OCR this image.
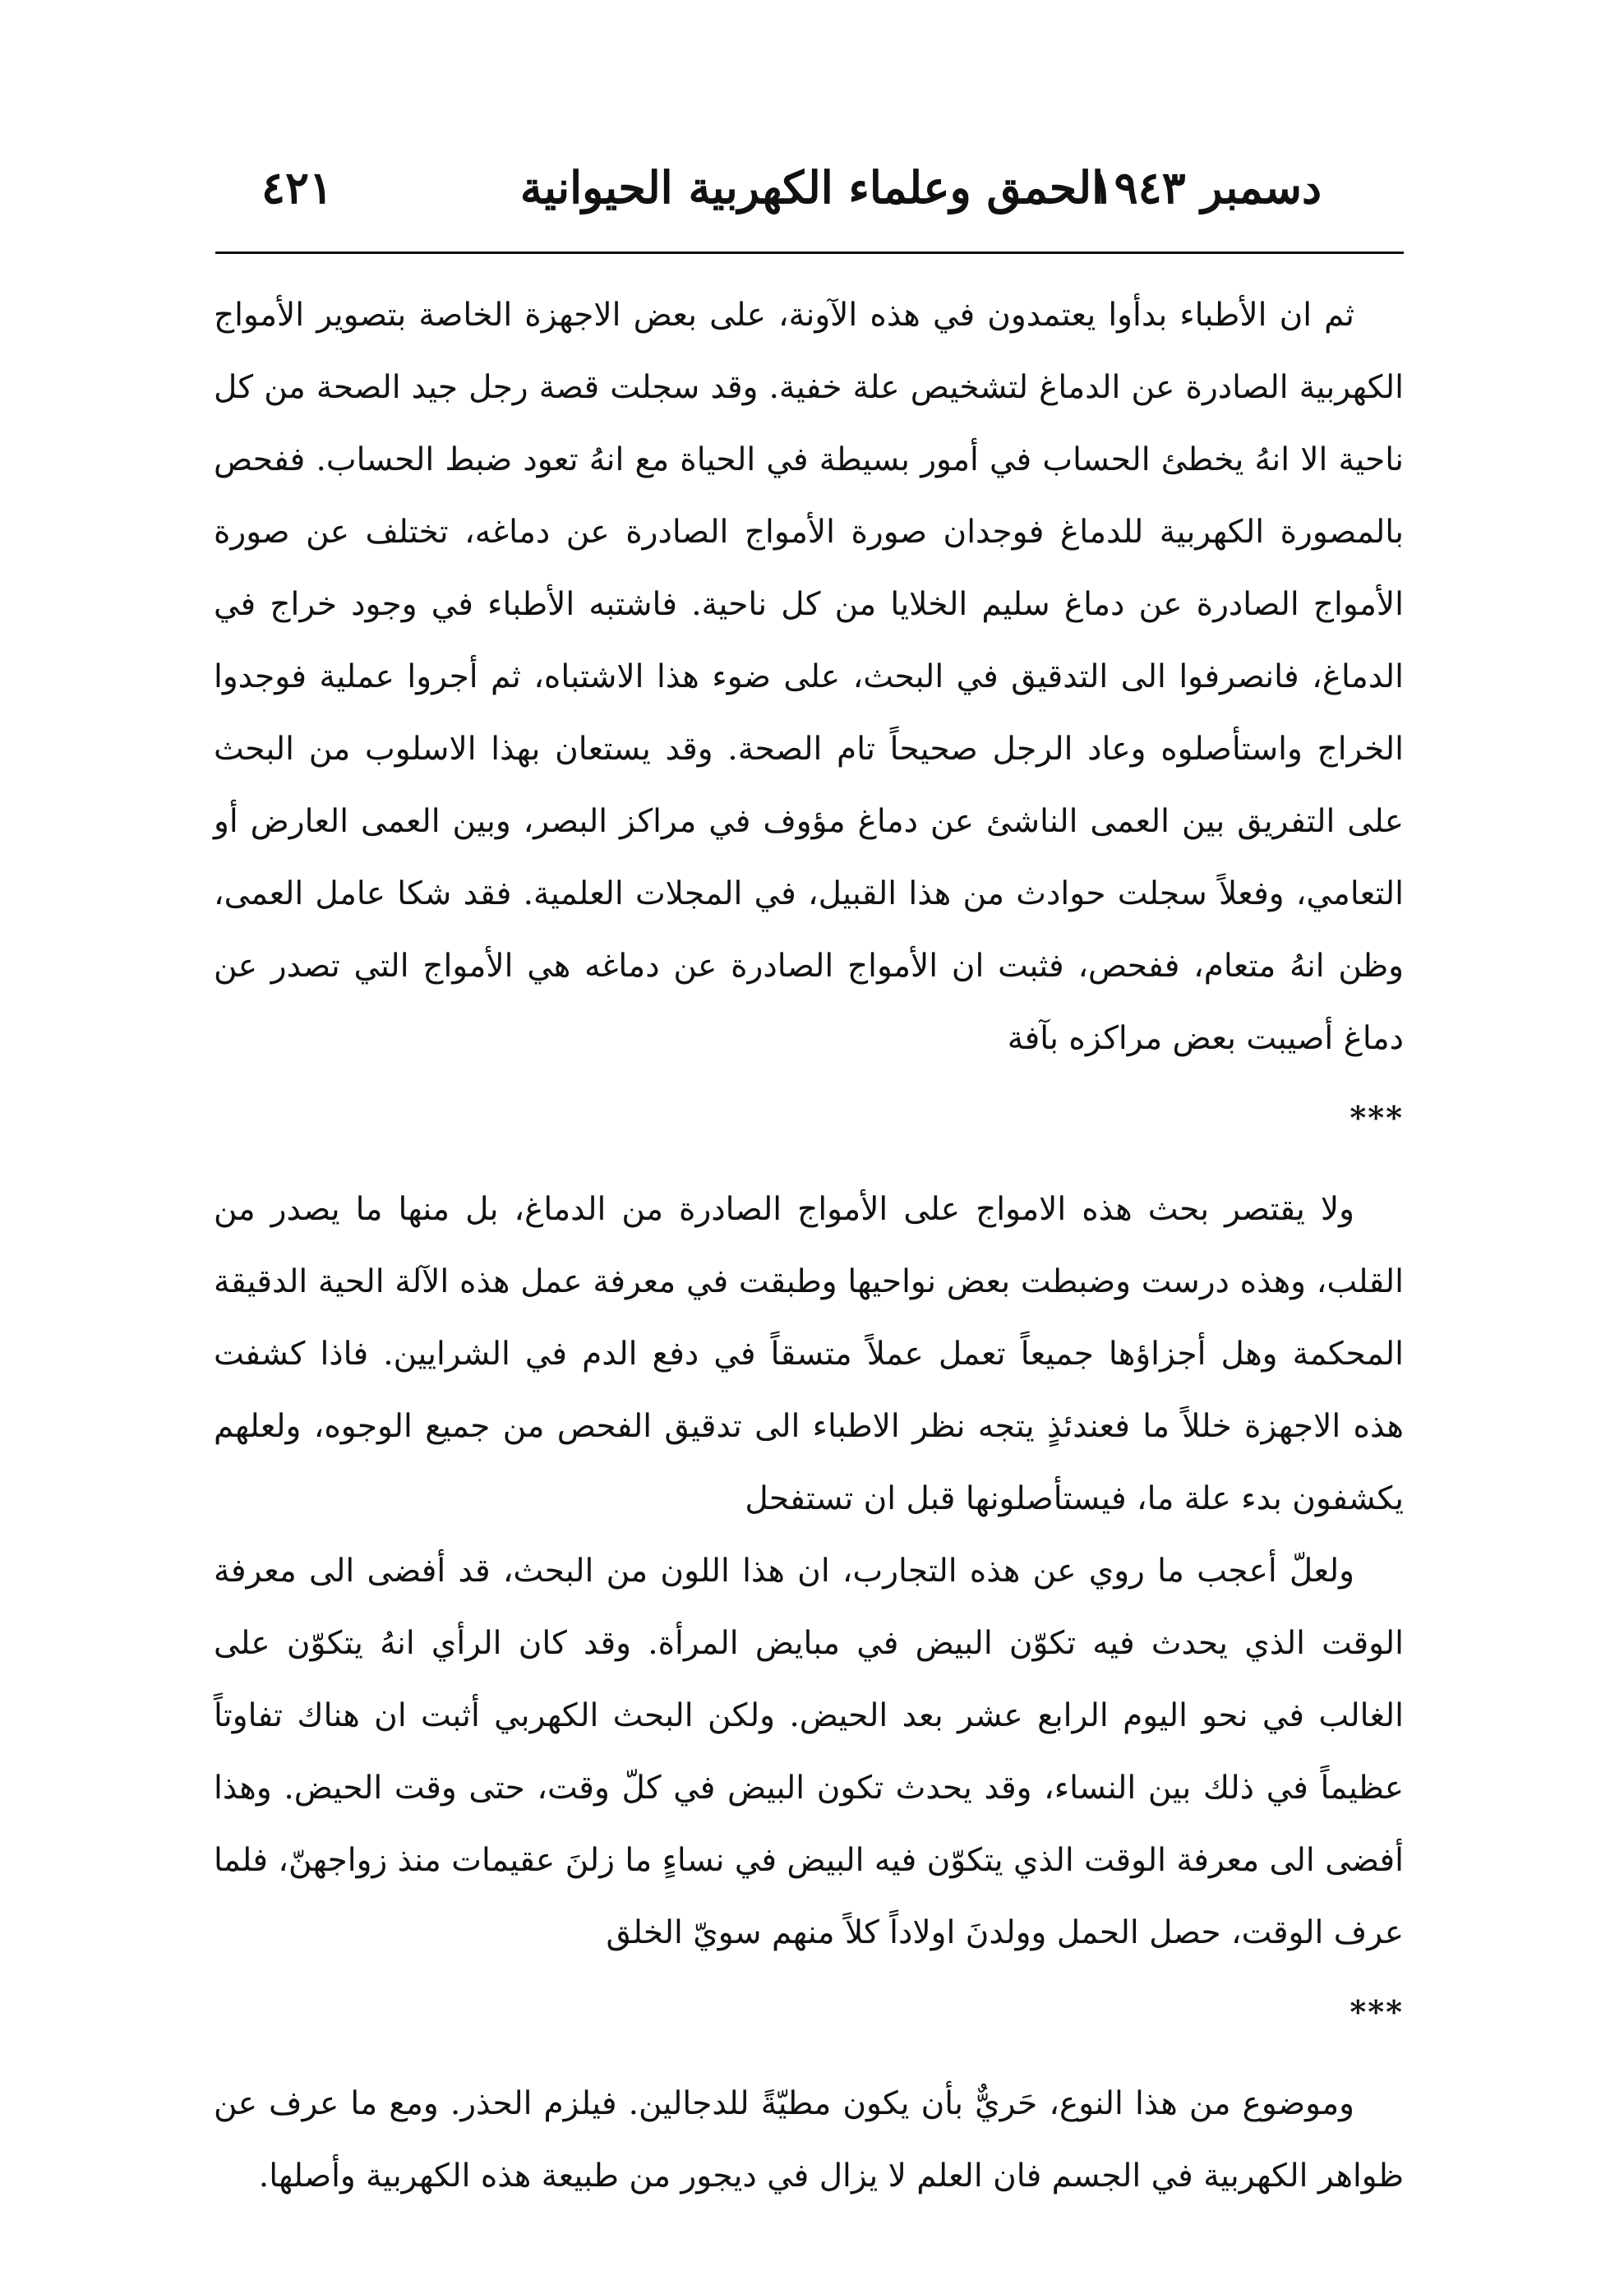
دسمبر ١٩٤٣
الحمق وعلماء الكهربية الحيوانية
٤٢١

ثم ان الأطباء بدأوا يعتمدون في هذه الآونة، على بعض الاجهزة الخاصة بتصوير الأمواج الكهربية الصادرة عن الدماغ لتشخيص علة خفية. وقد سجلت قصة رجل جيد الصحة من كل ناحية الا انهُ يخطئ الحساب في أمور بسيطة في الحياة مع انهُ تعود ضبط الحساب. ففحص بالمصورة الكهربية للدماغ فوجدان صورة الأمواج الصادرة عن دماغه، تختلف عن صورة الأمواج الصادرة عن دماغ سليم الخلايا من كل ناحية. فاشتبه الأطباء في وجود خراج في الدماغ، فانصرفوا الى التدقيق في البحث، على ضوء هذا الاشتباه، ثم أجروا عملية فوجدوا الخراج واستأصلوه وعاد الرجل صحيحاً تام الصحة. وقد يستعان بهذا الاسلوب من البحث على التفريق بين العمى الناشئ عن دماغ مؤوف في مراكز البصر، وبين العمى العارض أو التعامي، وفعلاً سجلت حوادث من هذا القبيل، في المجلات العلمية. فقد شكا عامل العمى، وظن انهُ متعام، ففحص، فثبت ان الأمواج الصادرة عن دماغه هي الأمواج التي تصدر عن دماغ أصيبت بعض مراكزه بآفة

***

ولا يقتصر بحث هذه الامواج على الأمواج الصادرة من الدماغ، بل منها ما يصدر من القلب، وهذه درست وضبطت بعض نواحيها وطبقت في معرفة عمل هذه الآلة الحية الدقيقة المحكمة وهل أجزاؤها جميعاً تعمل عملاً متسقاً في دفع الدم في الشرايين. فاذا كشفت هذه الاجهزة خللاً ما فعندئذٍ يتجه نظر الاطباء الى تدقيق الفحص من جميع الوجوه، ولعلهم يكشفون بدء علة ما، فيستأصلونها قبل ان تستفحل

ولعلّ أعجب ما روي عن هذه التجارب، ان هذا اللون من البحث، قد أفضى الى معرفة الوقت الذي يحدث فيه تكوّن البيض في مبايض المرأة. وقد كان الرأي انهُ يتكوّن على الغالب في نحو اليوم الرابع عشر بعد الحيض. ولكن البحث الكهربي أثبت ان هناك تفاوتاً عظيماً في ذلك بين النساء، وقد يحدث تكون البيض في كلّ وقت، حتى وقت الحيض. وهذا أفضى الى معرفة الوقت الذي يتكوّن فيه البيض في نساءٍ ما زلنَ عقيمات منذ زواجهنّ، فلما عرف الوقت، حصل الحمل وولدنَ اولاداً كلاً منهم سويّ الخلق

***

وموضوع من هذا النوع، حَريٌّ بأن يكون مطيّةً للدجالين. فيلزم الحذر. ومع ما عرف عن ظواهر الكهربية في الجسم فان العلم لا يزال في ديجور من طبيعة هذه الكهربية وأصلها.
